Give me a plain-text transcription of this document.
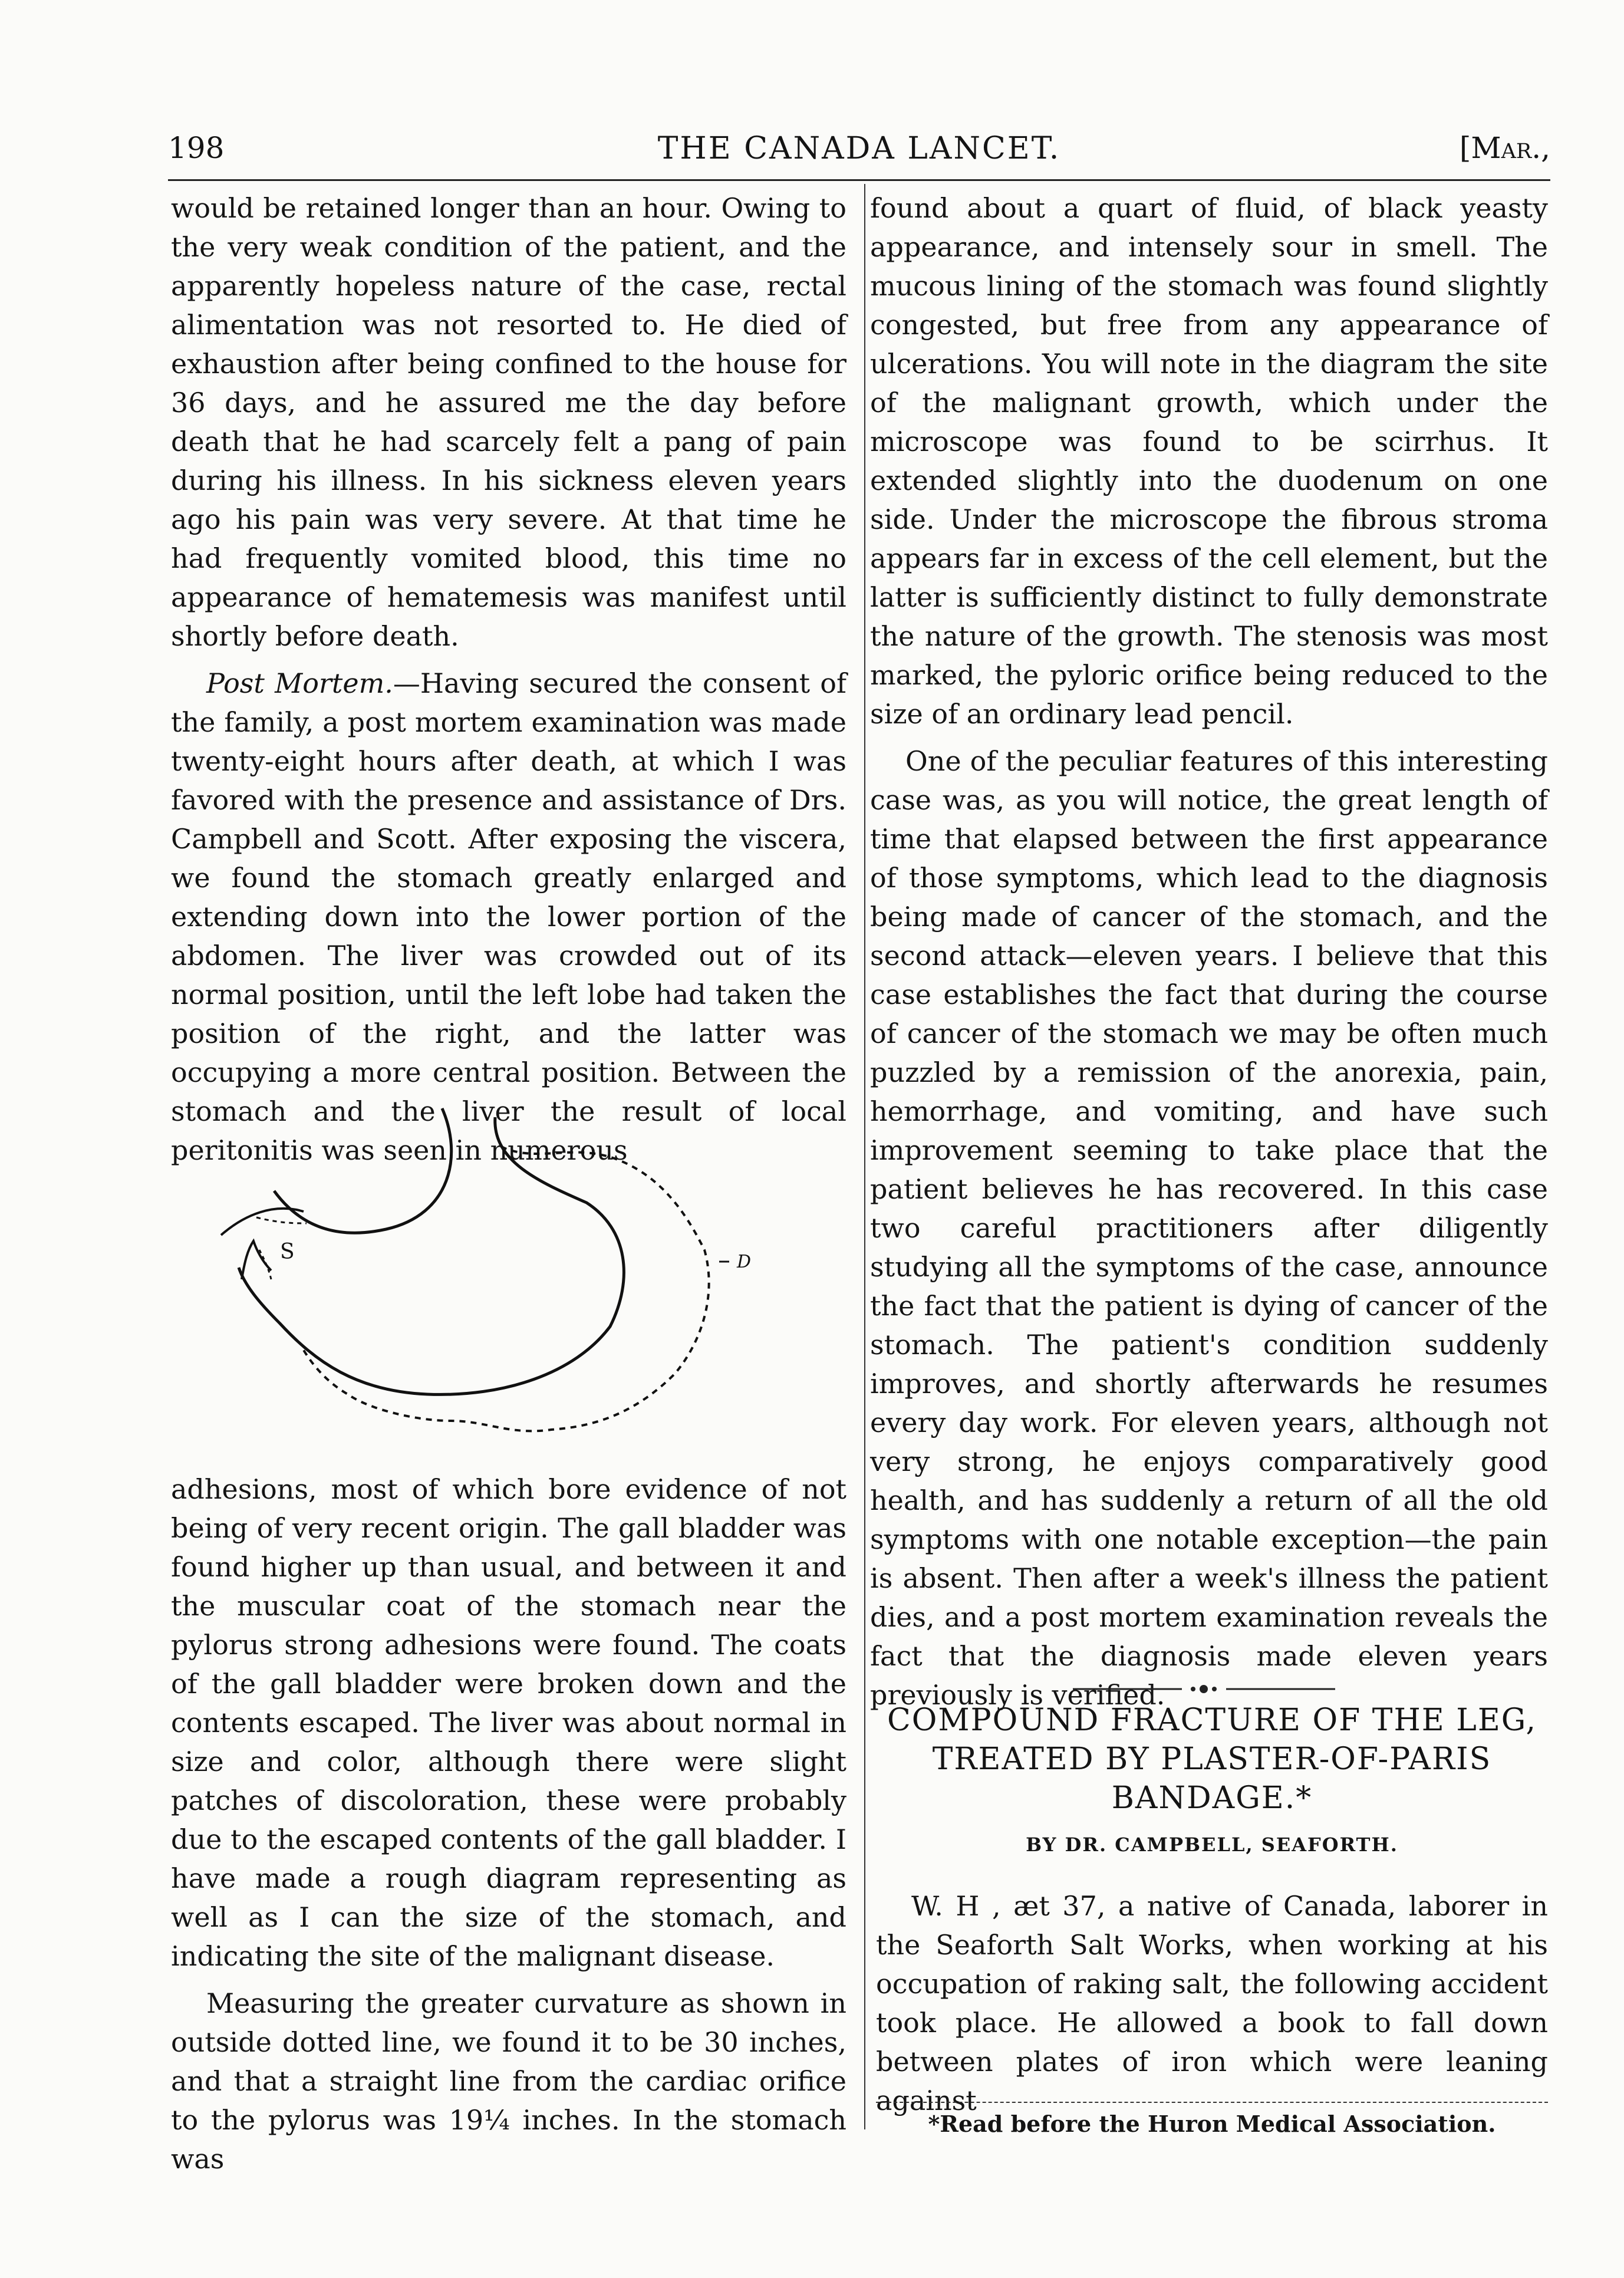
198	THE CANADA LANCET.	[Mar.,

would be retained longer than an hour. Owing to the very weak condition of the patient, and the apparently hopeless nature of the case, rectal alimentation was not resorted to. He died of exhaustion after being confined to the house for 36 days, and he assured me the day before death that he had scarcely felt a pang of pain during his illness. In his sickness eleven years ago his pain was very severe. At that time he had frequently vomited blood, this time no appearance of hematemesis was manifest until shortly before death.

Post Mortem.—Having secured the consent of the family, a post mortem examination was made twenty-eight hours after death, at which I was favored with the presence and assistance of Drs. Campbell and Scott. After exposing the viscera, we found the stomach greatly enlarged and extending down into the lower portion of the abdomen. The liver was crowded out of its normal position, until the left lobe had taken the position of the right, and the latter was occupying a more central position. Between the stomach and the liver the result of local peritonitis was seen in numerous

S	D

adhesions, most of which bore evidence of not being of very recent origin. The gall bladder was found higher up than usual, and between it and the muscular coat of the stomach near the pylorus strong adhesions were found. The coats of the gall bladder were broken down and the contents escaped. The liver was about normal in size and color, although there were slight patches of discoloration, these were probably due to the escaped contents of the gall bladder. I have made a rough diagram representing as well as I can the size of the stomach, and indicating the site of the malignant disease.

Measuring the greater curvature as shown in outside dotted line, we found it to be 30 inches, and that a straight line from the cardiac orifice to the pylorus was 19¼ inches. In the stomach was

found about a quart of fluid, of black yeasty appearance, and intensely sour in smell. The mucous lining of the stomach was found slightly congested, but free from any appearance of ulcerations. You will note in the diagram the site of the malignant growth, which under the microscope was found to be scirrhus. It extended slightly into the duodenum on one side. Under the microscope the fibrous stroma appears far in excess of the cell element, but the latter is sufficiently distinct to fully demonstrate the nature of the growth. The stenosis was most marked, the pyloric orifice being reduced to the size of an ordinary lead pencil.

One of the peculiar features of this interesting case was, as you will notice, the great length of time that elapsed between the first appearance of those symptoms, which lead to the diagnosis being made of cancer of the stomach, and the second attack—eleven years. I believe that this case establishes the fact that during the course of cancer of the stomach we may be often much puzzled by a remission of the anorexia, pain, hemorrhage, and vomiting, and have such improvement seeming to take place that the patient believes he has recovered. In this case two careful practitioners after diligently studying all the symptoms of the case, announce the fact that the patient is dying of cancer of the stomach. The patient's condition suddenly improves, and shortly afterwards he resumes every day work. For eleven years, although not very strong, he enjoys comparatively good health, and has suddenly a return of all the old symptoms with one notable exception—the pain is absent. Then after a week's illness the patient dies, and a post mortem examination reveals the fact that the diagnosis made eleven years previously is verified.

COMPOUND FRACTURE OF THE LEG,
TREATED BY PLASTER-OF-PARIS
BANDAGE.*
BY DR. CAMPBELL, SEAFORTH.

W. H , æt 37, a native of Canada, laborer in the Seaforth Salt Works, when working at his occupation of raking salt, the following accident took place. He allowed a book to fall down between plates of iron which were leaning against

*Read before the Huron Medical Association.
